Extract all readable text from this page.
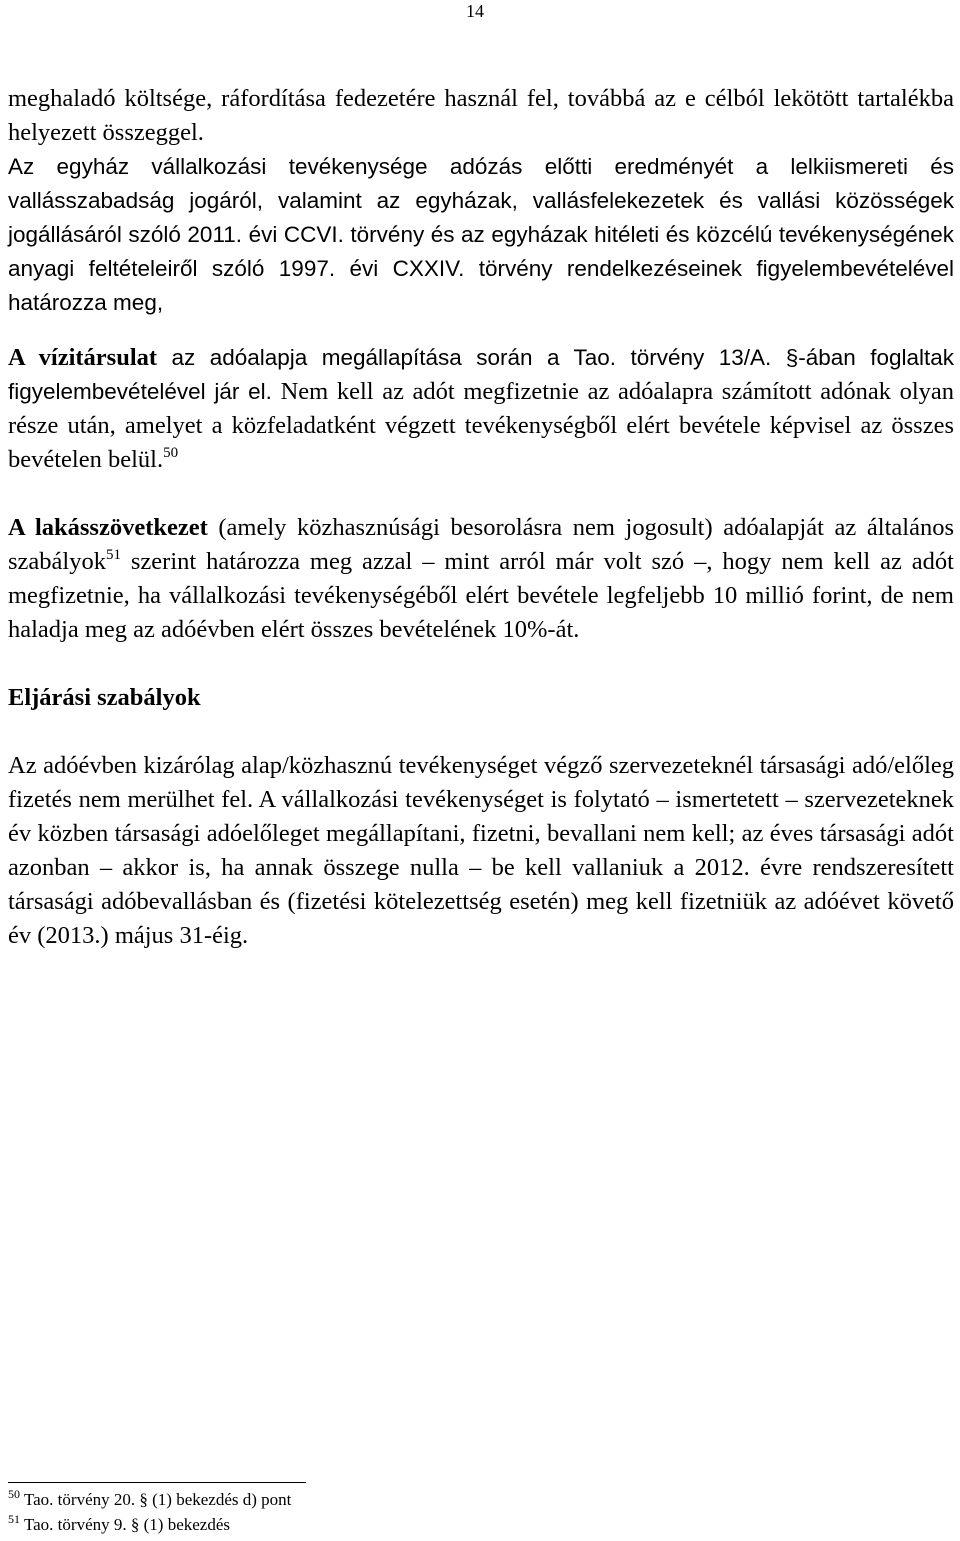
14

meghaladó költsége, ráfordítása fedezetére használ fel, továbbá az e célból lekötött tartalékba helyezett összeggel.

Az egyház vállalkozási tevékenysége adózás előtti eredményét a lelkiismereti és vallásszabadság jogáról, valamint az egyházak, vallásfelekezetek és vallási közösségek jogállásáról szóló 2011. évi CCVI. törvény és az egyházak hitéleti és közcélú tevékenységének anyagi feltételeiről szóló 1997. évi CXXIV. törvény rendelkezéseinek figyelembevételével határozza meg,

A vízitársulat az adóalapja megállapítása során a Tao. törvény 13/A. §-ában foglaltak figyelembevételével jár el. Nem kell az adót megfizetnie az adóalapra számított adónak olyan része után, amelyet a közfeladatként végzett tevékenységből elért bevétele képvisel az összes bevételen belül.$^{50}$

A lakásszövetkezet (amely közhasznúsági besorolásra nem jogosult) adóalapját az általános szabályok$^{51}$ szerint határozza meg azzal – mint arról már volt szó –, hogy nem kell az adót megfizetnie, ha vállalkozási tevékenységéből elért bevétele legfeljebb 10 millió forint, de nem haladja meg az adóévben elért összes bevételének 10%-át.

Eljárási szabályok

Az adóévben kizárólag alap/közhasznú tevékenységet végző szervezeteknél társasági adó/előleg fizetés nem merülhet fel. A vállalkozási tevékenységet is folytató – ismertetett – szervezeteknek év közben társasági adóelőleget megállapítani, fizetni, bevallani nem kell; az éves társasági adót azonban – akkor is, ha annak összege nulla – be kell vallaniuk a 2012. évre rendszeresített társasági adóbevallásban és (fizetési kötelezettség esetén) meg kell fizetniük az adóévet követő év (2013.) május 31-éig.

$^{50}$ Tao. törvény 20. § (1) bekezdés d) pont

$^{51}$ Tao. törvény 9. § (1) bekezdés
